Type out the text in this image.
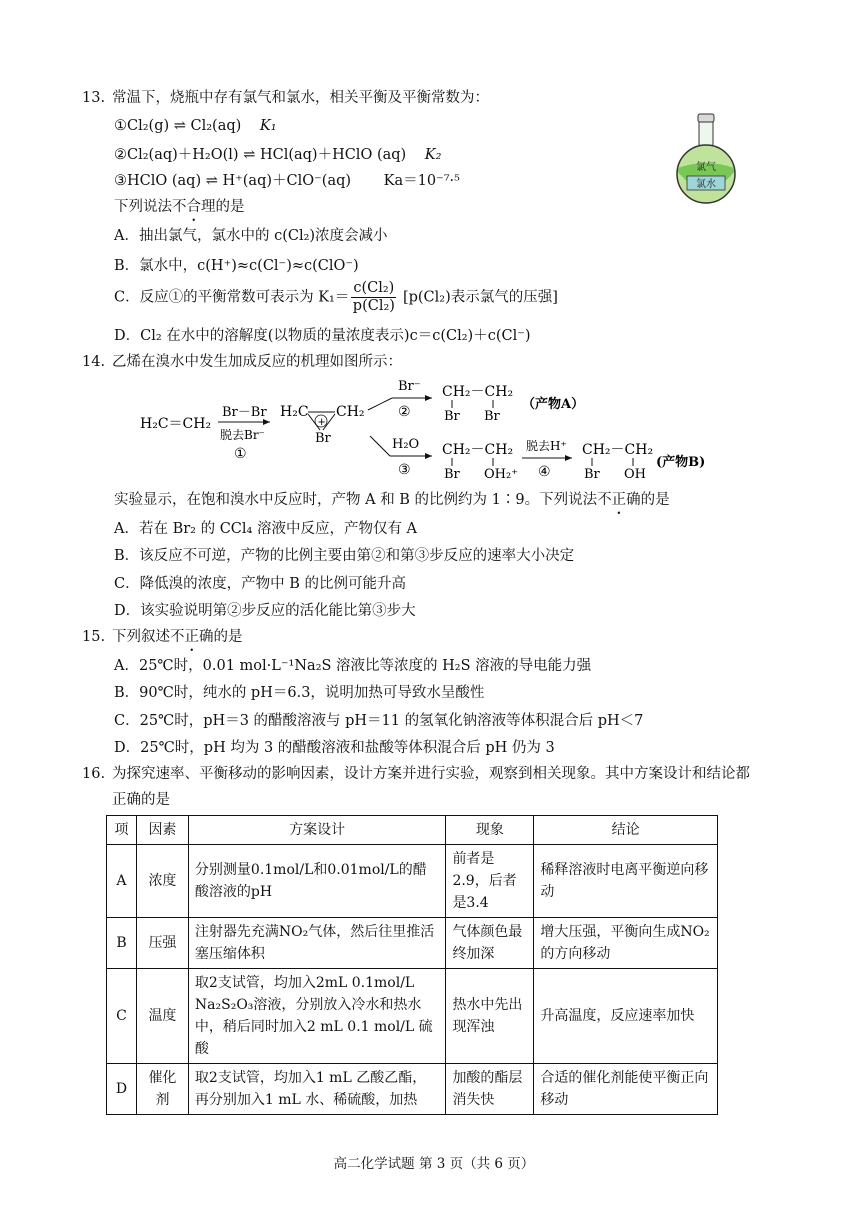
13. 常温下，烧瓶中存有氯气和氯水，相关平衡及平衡常数为：
①Cl₂(g) ⇌ Cl₂(aq) K₁
②Cl₂(aq)＋H₂O(l) ⇌ HCl(aq)＋HClO (aq) K₂
③HClO (aq) ⇌ H⁺(aq)＋ClO⁻(aq) Ka＝10⁻⁷·⁵
氯气
氯水
下列说法不合理的是
A．抽出氯气，氯水中的 c(Cl₂)浓度会减小
B．氯水中，c(H⁺)≈c(Cl⁻)≈c(ClO⁻)
C．反应①的平衡常数可表示为 $K_1= \frac{\text{c(Cl₂)}}{\text{p(Cl₂)}} [p(Cl_2)$表示氯气的压强]
D．Cl₂ 在水中的溶解度(以物质的量浓度表示)c＝c(Cl₂)＋c(Cl⁻)
14. 乙烯在溴水中发生加成反应的机理如图所示：
H₂C＝CH₂
Br－Br
脱去Br⁻
①
H₂C CH₂
+
Br
Br⁻
②
CH₂－CH₂
Br Br
（产物A）
H₂O
③
CH₂－CH₂
Br OH₂⁺
脱去H⁺
④
CH₂－CH₂
Br OH
(产物B)
实验显示，在饱和溴水中反应时，产物 A 和 B 的比例约为 1∶9。下列说法不正确的是
A．若在 Br₂ 的 CCl₄ 溶液中反应，产物仅有 A
B．该反应不可逆，产物的比例主要由第②和第③步反应的速率大小决定
C．降低溴的浓度，产物中 B 的比例可能升高
D．该实验说明第②步反应的活化能比第③步大
15. 下列叙述不正确的是
A．25℃时，0.01 mol·L⁻¹Na₂S 溶液比等浓度的 H₂S 溶液的导电能力强
B．90℃时，纯水的 pH＝6.3，说明加热可导致水呈酸性
C．25℃时，pH＝3 的醋酸溶液与 pH＝11 的氢氧化钠溶液等体积混合后 pH＜7
D．25℃时，pH 均为 3 的醋酸溶液和盐酸等体积混合后 pH 仍为 3
16. 为探究速率、平衡移动的影响因素，设计方案并进行实验，观察到相关现象。其中方案设计和结论都
正确的是
项	因素	方案设计	现象	结论
A	浓度	分别测量0.1mol/L和0.01mol/L的醋酸溶液的pH	前者是2.9，后者是3.4	稀释溶液时电离平衡逆向移动
B	压强	注射器先充满NO₂气体，然后往里推活塞压缩体积	气体颜色最终加深	增大压强，平衡向生成NO₂的方向移动
C	温度	取2支试管，均加入2mL 0.1mol/L Na₂S₂O₃溶液，分别放入冷水和热水中，稍后同时加入2 mL 0.1 mol/L 硫酸	热水中先出现浑浊	升高温度，反应速率加快
D	催化剂	取2支试管，均加入1 mL 乙酸乙酯，再分别加入1 mL 水、稀硫酸，加热	加酸的酯层消失快	合适的催化剂能使平衡正向移动
高二化学试题 第 3 页（共 6 页）
